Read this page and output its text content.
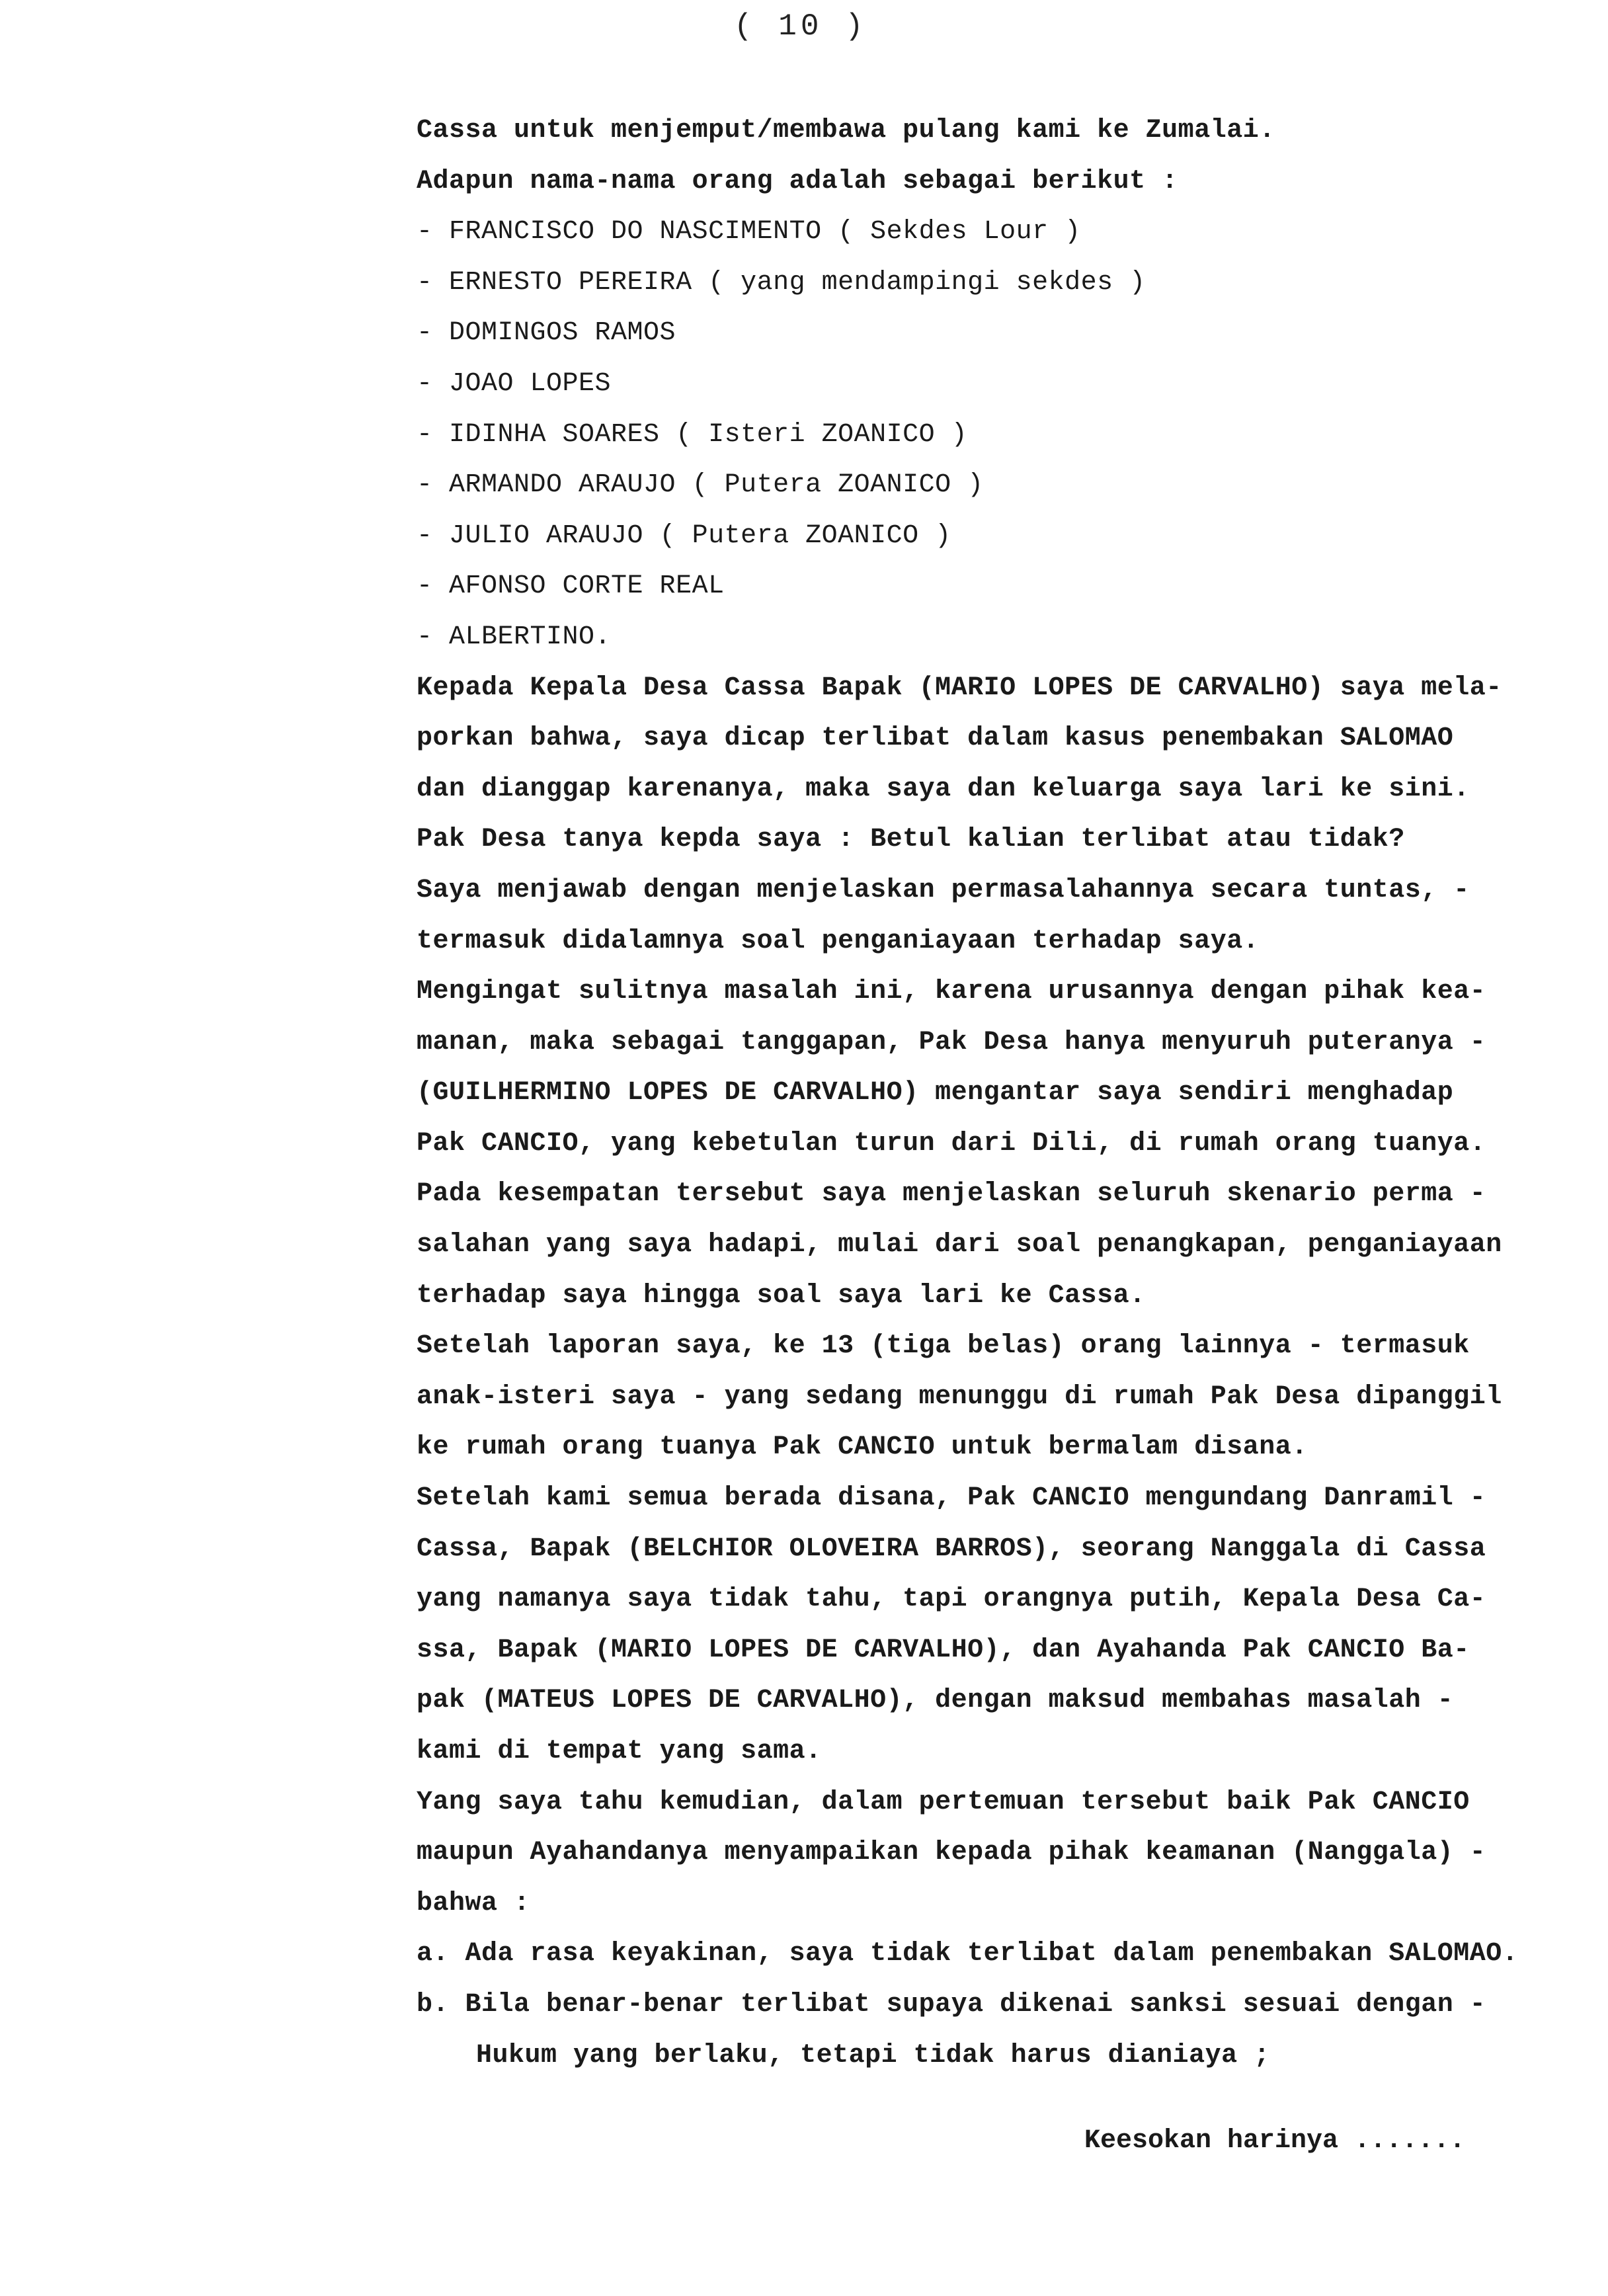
( 10 )
Cassa untuk menjemput/membawa pulang kami ke Zumalai.
Adapun nama-nama orang adalah sebagai berikut :
- FRANCISCO DO NASCIMENTO ( Sekdes Lour )
- ERNESTO PEREIRA ( yang mendampingi sekdes )
- DOMINGOS RAMOS
- JOAO LOPES
- IDINHA SOARES ( Isteri ZOANICO )
- ARMANDO ARAUJO ( Putera ZOANICO )
- JULIO ARAUJO ( Putera ZOANICO )
- AFONSO CORTE REAL
- ALBERTINO.
Kepada Kepala Desa Cassa Bapak (MARIO LOPES DE CARVALHO) saya mela-
porkan bahwa, saya dicap terlibat dalam kasus penembakan SALOMAO
dan dianggap karenanya, maka saya dan keluarga saya lari ke sini.
Pak Desa tanya kepda saya : Betul kalian terlibat atau tidak?
Saya menjawab dengan menjelaskan permasalahannya secara tuntas, -
termasuk didalamnya soal penganiayaan terhadap saya.
Mengingat sulitnya masalah ini, karena urusannya dengan pihak kea-
manan, maka sebagai tanggapan, Pak Desa hanya menyuruh puteranya -
(GUILHERMINO LOPES DE CARVALHO) mengantar saya sendiri menghadap
Pak CANCIO, yang kebetulan turun dari Dili, di rumah orang tuanya.
Pada kesempatan tersebut saya menjelaskan seluruh skenario perma -
salahan yang saya hadapi, mulai dari soal penangkapan, penganiayaan
terhadap saya hingga soal saya lari ke Cassa.
Setelah laporan saya, ke 13 (tiga belas) orang lainnya - termasuk
anak-isteri saya - yang sedang menunggu di rumah Pak Desa dipanggil
ke rumah orang tuanya Pak CANCIO untuk bermalam disana.
Setelah kami semua berada disana, Pak CANCIO mengundang Danramil -
Cassa, Bapak (BELCHIOR OLOVEIRA BARROS), seorang Nanggala di Cassa
yang namanya saya tidak tahu, tapi orangnya putih, Kepala Desa Ca-
ssa, Bapak (MARIO LOPES DE CARVALHO), dan Ayahanda Pak CANCIO Ba-
pak (MATEUS LOPES DE CARVALHO), dengan maksud membahas masalah -
kami di tempat yang sama.
Yang saya tahu kemudian, dalam pertemuan tersebut baik Pak CANCIO
maupun Ayahandanya menyampaikan kepada pihak keamanan (Nanggala) -
bahwa :
a. Ada rasa keyakinan, saya tidak terlibat dalam penembakan SALOMAO.
b. Bila benar-benar terlibat supaya dikenai sanksi sesuai dengan -
Hukum yang berlaku, tetapi tidak harus dianiaya ;
Keesokan harinya .......
